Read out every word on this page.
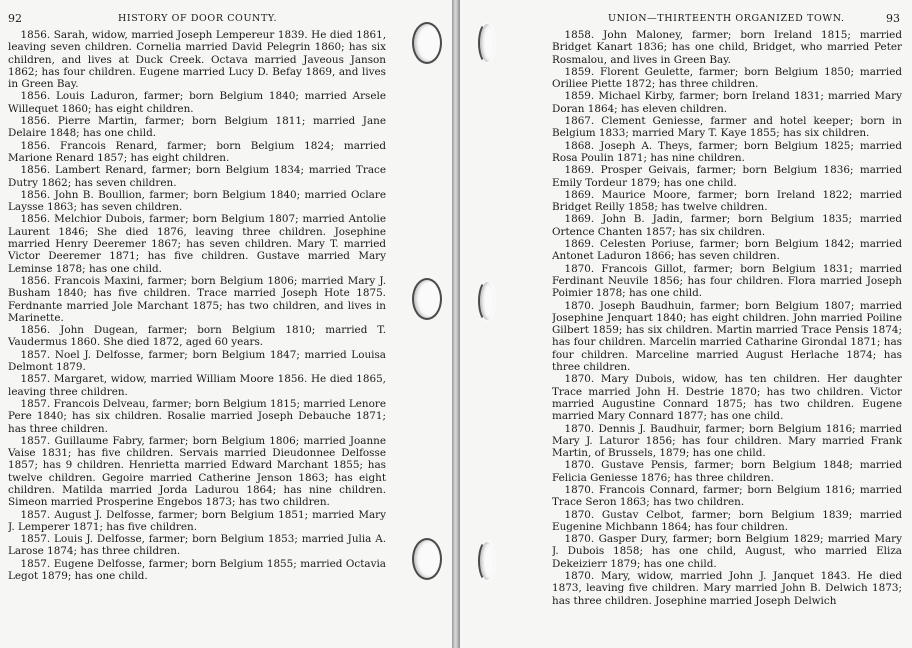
92	HISTORY OF DOOR COUNTY.

1856. Sarah, widow, married Joseph Lempereur 1839. He died 1861, leaving seven children. Cornelia married David Pelegrin 1860; has six children, and lives at Duck Creek. Octava married Javeous Janson 1862; has four children. Eugene married Lucy D. Befay 1869, and lives in Green Bay.

1856. Louis Laduron, farmer; born Belgium 1840; married Arsele Willequet 1860; has eight children.

1856. Pierre Martin, farmer; born Belgium 1811; married Jane Delaire 1848; has one child.

1856. Francois Renard, farmer; born Belgium 1824; married Marione Renard 1857; has eight children.

1856. Lambert Renard, farmer; born Belgium 1834; married Trace Dutry 1862; has seven children.

1856. John B. Boullion, farmer; born Belgium 1840; married Oclare Laysse 1863; has seven children.

1856. Melchior Dubois, farmer; born Belgium 1807; married Antolie Laurent 1846; She died 1876, leaving three children. Josephine married Henry Deeremer 1867; has seven children. Mary T. married Victor Deeremer 1871; has five children. Gustave married Mary Leminse 1878; has one child.

1856. Francois Maxini, farmer; born Belgium 1806; married Mary J. Busham 1840; has five children. Trace married Joseph Hote 1875. Ferdnante married Jole Marchant 1875; has two children, and lives in Marinette.

1856. John Dugean, farmer; born Belgium 1810; married T. Vaudermus 1860. She died 1872, aged 60 years.

1857. Noel J. Delfosse, farmer; born Belgium 1847; married Louisa Delmont 1879.

1857. Margaret, widow, married William Moore 1856. He died 1865, leaving three children.

1857. Francois Delveau, farmer; born Belgium 1815; married Lenore Pere 1840; has six children. Rosalie married Joseph Debauche 1871; has three children.

1857. Guillaume Fabry, farmer; born Belgium 1806; married Joanne Vaise 1831; has five children. Servais married Dieudonnee Delfosse 1857; has 9 children. Henrietta married Edward Marchant 1855; has twelve children. Gegoire married Catherine Jenson 1863; has eight children. Matilda married Jorda Ladurou 1864; has nine children. Simeon married Prosperine Engebos 1873; has two children.

1857. August J. Delfosse, farmer; born Belgium 1851; married Mary J. Lemperer 1871; has five children.

1857. Louis J. Delfosse, farmer; born Belgium 1853; married Julia A. Larose 1874; has three children.

1857. Eugene Delfosse, farmer; born Belgium 1855; married Octavia Legot 1879; has one child.

UNION—THIRTEENTH ORGANIZED TOWN.	93

1858. John Maloney, farmer; born Ireland 1815; married Bridget Kanart 1836; has one child, Bridget, who married Peter Rosmalou, and lives in Green Bay.

1859. Florent Geulette, farmer; born Belgium 1850; married Oriliee Piette 1872; has three children.

1859. Michael Kirby, farmer; born Ireland 1831; married Mary Doran 1864; has eleven children.

1867. Clement Geniesse, farmer and hotel keeper; born in Belgium 1833; married Mary T. Kaye 1855; has six children.

1868. Joseph A. Theys, farmer; born Belgium 1825; married Rosa Poulin 1871; has nine children.

1869. Prosper Geivais, farmer; born Belgium 1836; married Emily Tordeur 1879; has one child.

1869. Maurice Moore, farmer; born Ireland 1822; married Bridget Reilly 1858; has twelve children.

1869. John B. Jadin, farmer; born Belgium 1835; married Ortence Chanten 1857; has six children.

1869. Celesten Poriuse, farmer; born Belgium 1842; married Antonet Laduron 1866; has seven children.

1870. Francois Gillot, farmer; born Belgium 1831; married Ferdinant Neuvile 1856; has four children. Flora married Joseph Poimier 1878; has one child.

1870. Joseph Baudhuin, farmer; born Belgium 1807; married Josephine Jenquart 1840; has eight children. John married Poiline Gilbert 1859; has six children. Martin married Trace Pensis 1874; has four children. Marcelin married Catharine Girondal 1871; has four children. Marceline married August Herlache 1874; has three children.

1870. Mary Dubois, widow, has ten children. Her daughter Trace married John H. Destrie 1870; has two children. Victor married Augustine Connard 1875; has two children. Eugene married Mary Connard 1877; has one child.

1870. Dennis J. Baudhuir, farmer; born Belgium 1816; married Mary J. Laturor 1856; has four children. Mary married Frank Martin, of Brussels, 1879; has one child.

1870. Gustave Pensis, farmer; born Belgium 1848; married Felicia Geniesse 1876; has three children.

1870. Francois Connard, farmer; born Belgium 1816; married Trace Seron 1863; has two children.

1870. Gustav Celbot, farmer; born Belgium 1839; married Eugenine Michbann 1864; has four children.

1870. Gasper Dury, farmer; born Belgium 1829; married Mary J. Dubois 1858; has one child, August, who married Eliza Dekeizierr 1879; has one child.

1870. Mary, widow, married John J. Janquet 1843. He died 1873, leaving five children. Mary married John B. Delwich 1873; has three children. Josephine married Joseph Delwich
